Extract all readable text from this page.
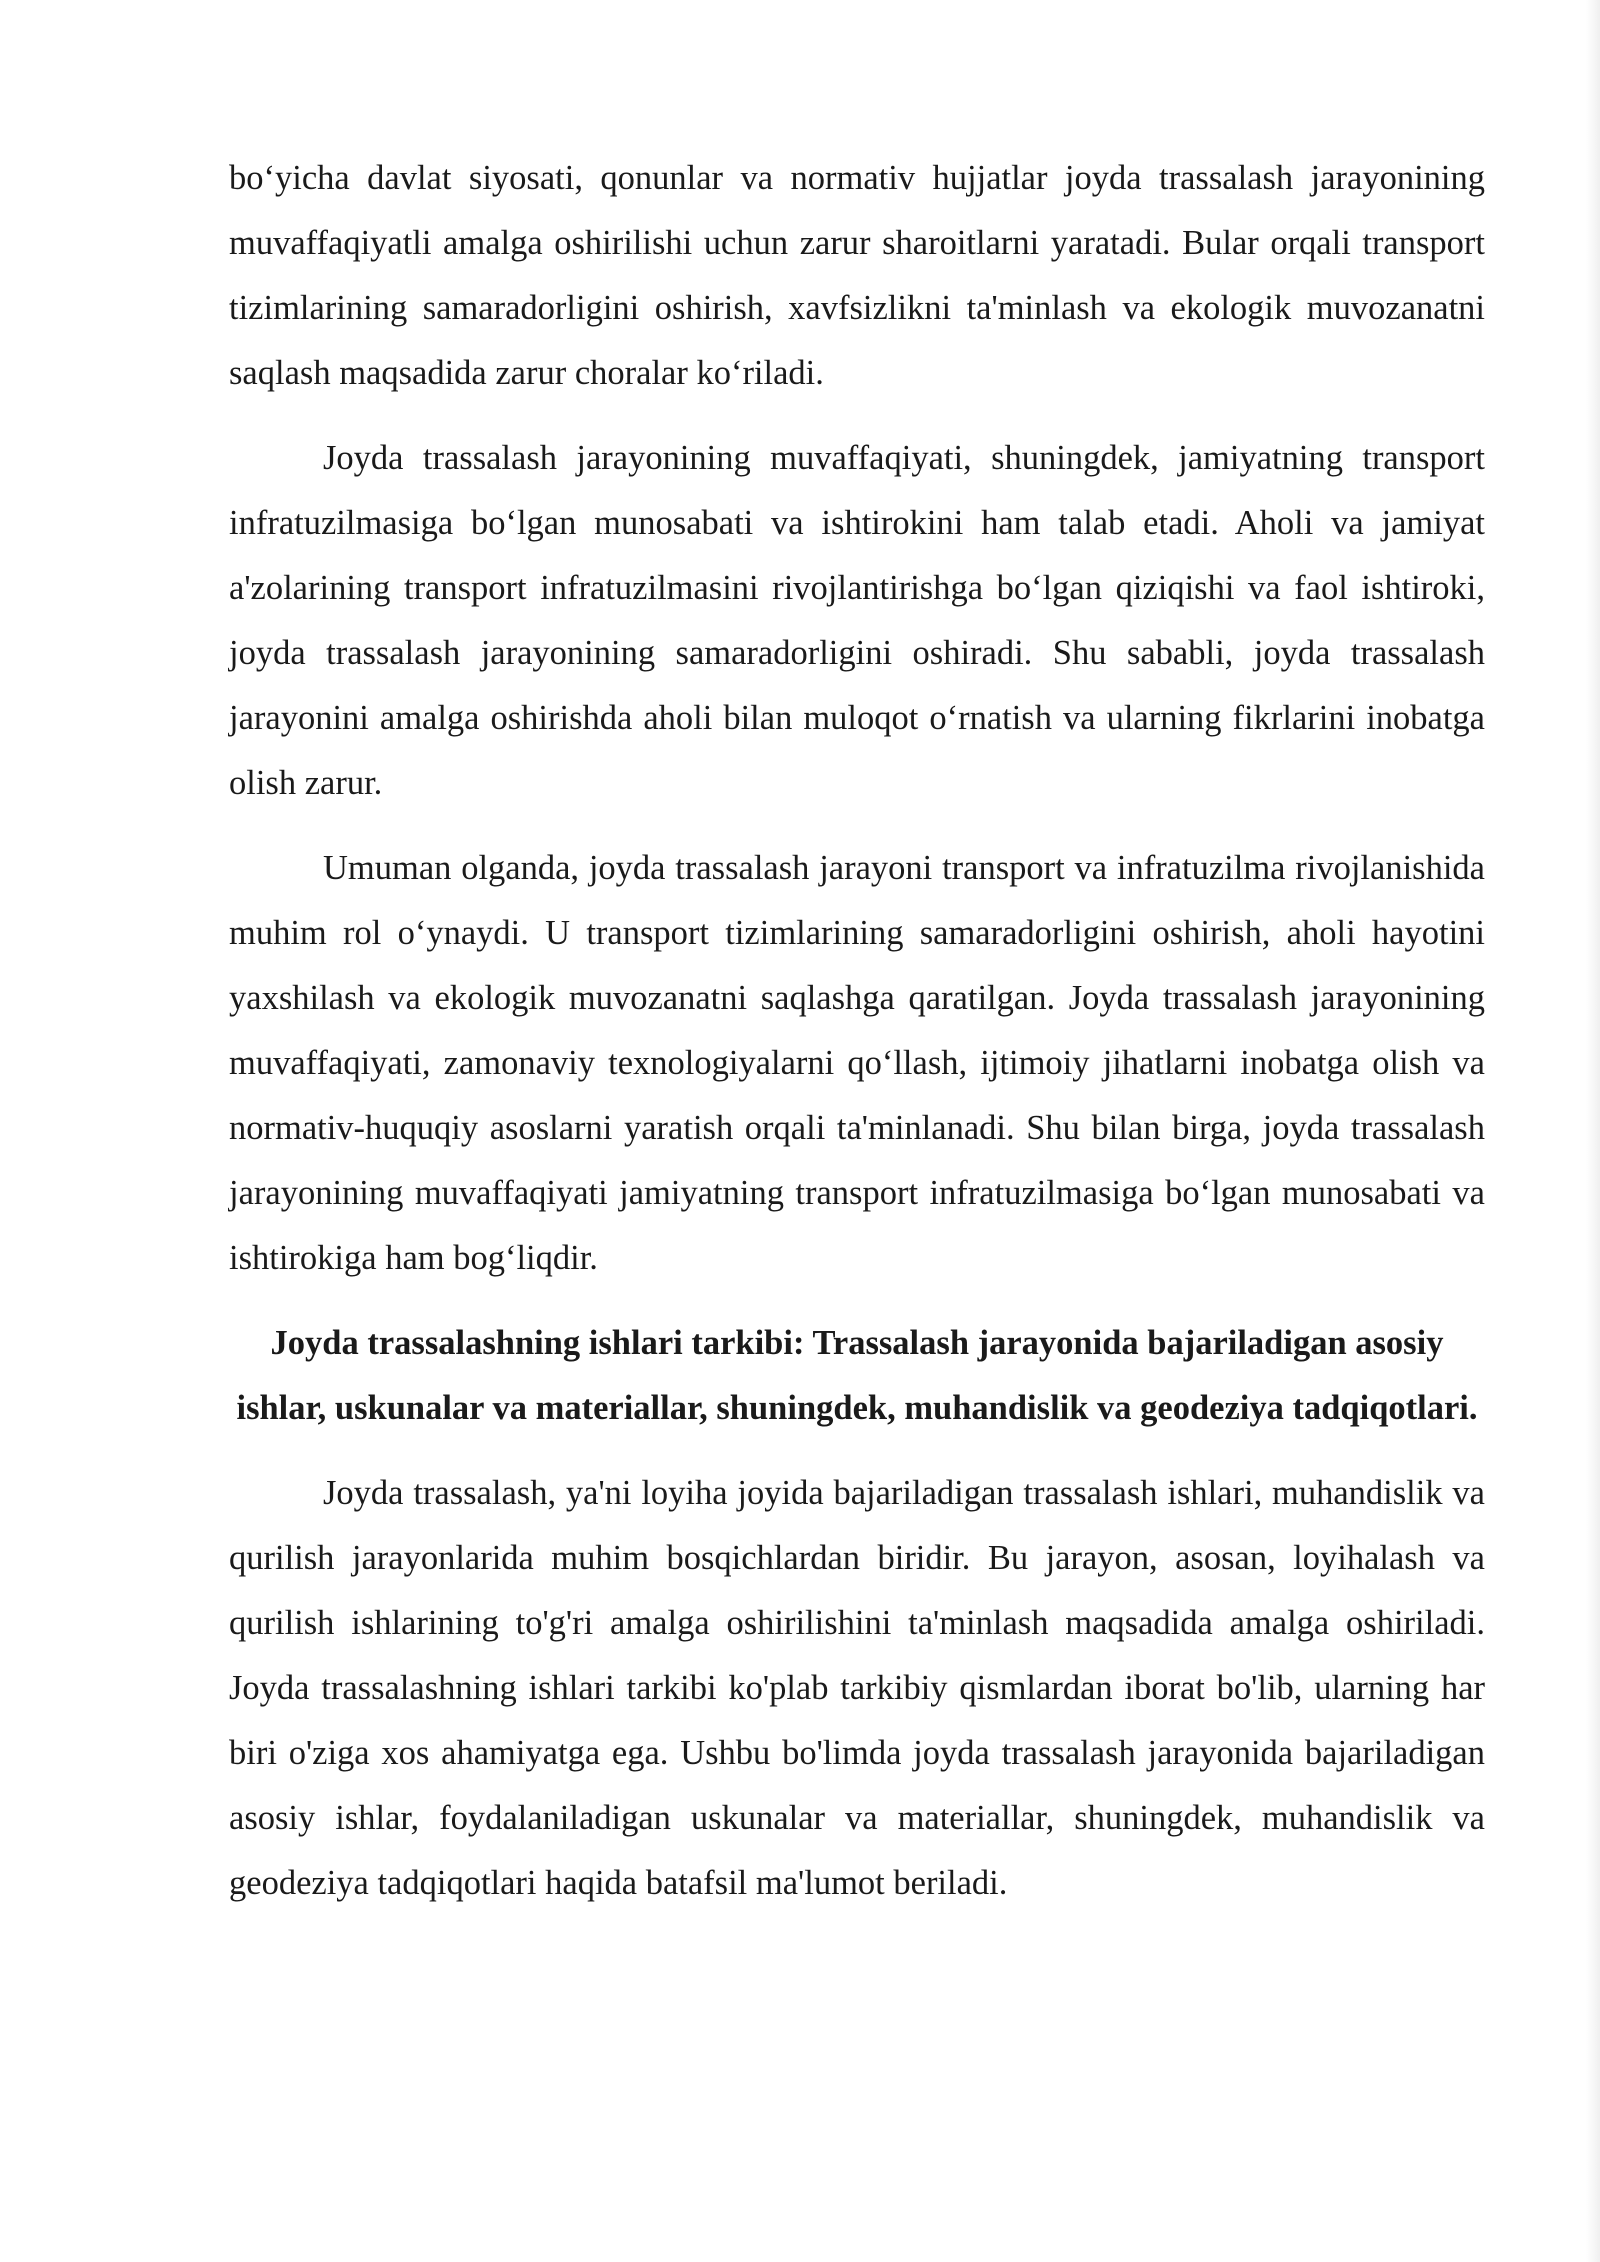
bo‘yicha davlat siyosati, qonunlar va normativ hujjatlar joyda trassalash jarayonining muvaffaqiyatli amalga oshirilishi uchun zarur sharoitlarni yaratadi. Bular orqali transport tizimlarining samaradorligini oshirish, xavfsizlikni ta'minlash va ekologik muvozanatni saqlash maqsadida zarur choralar ko‘riladi.

Joyda trassalash jarayonining muvaffaqiyati, shuningdek, jamiyatning transport infratuzilmasiga bo‘lgan munosabati va ishtirokini ham talab etadi. Aholi va jamiyat a'zolarining transport infratuzilmasini rivojlantirishga bo‘lgan qiziqishi va faol ishtiroki, joyda trassalash jarayonining samaradorligini oshiradi. Shu sababli, joyda trassalash jarayonini amalga oshirishda aholi bilan muloqot o‘rnatish va ularning fikrlarini inobatga olish zarur.

Umuman olganda, joyda trassalash jarayoni transport va infratuzilma rivojlanishida muhim rol o‘ynaydi. U transport tizimlarining samaradorligini oshirish, aholi hayotini yaxshilash va ekologik muvozanatni saqlashga qaratilgan. Joyda trassalash jarayonining muvaffaqiyati, zamonaviy texnologiyalarni qo‘llash, ijtimoiy jihatlarni inobatga olish va normativ-huquqiy asoslarni yaratish orqali ta'minlanadi. Shu bilan birga, joyda trassalash jarayonining muvaffaqiyati jamiyatning transport infratuzilmasiga bo‘lgan munosabati va ishtirokiga ham bog‘liqdir.

Joyda trassalashning ishlari tarkibi: Trassalash jarayonida bajariladigan asosiy ishlar, uskunalar va materiallar, shuningdek, muhandislik va geodeziya tadqiqotlari.

Joyda trassalash, ya'ni loyiha joyida bajariladigan trassalash ishlari, muhandislik va qurilish jarayonlarida muhim bosqichlardan biridir. Bu jarayon, asosan, loyihalash va qurilish ishlarining to'g'ri amalga oshirilishini ta'minlash maqsadida amalga oshiriladi. Joyda trassalashning ishlari tarkibi ko'plab tarkibiy qismlardan iborat bo'lib, ularning har biri o'ziga xos ahamiyatga ega. Ushbu bo'limda joyda trassalash jarayonida bajariladigan asosiy ishlar, foydalaniladigan uskunalar va materiallar, shuningdek, muhandislik va geodeziya tadqiqotlari haqida batafsil ma'lumot beriladi.
